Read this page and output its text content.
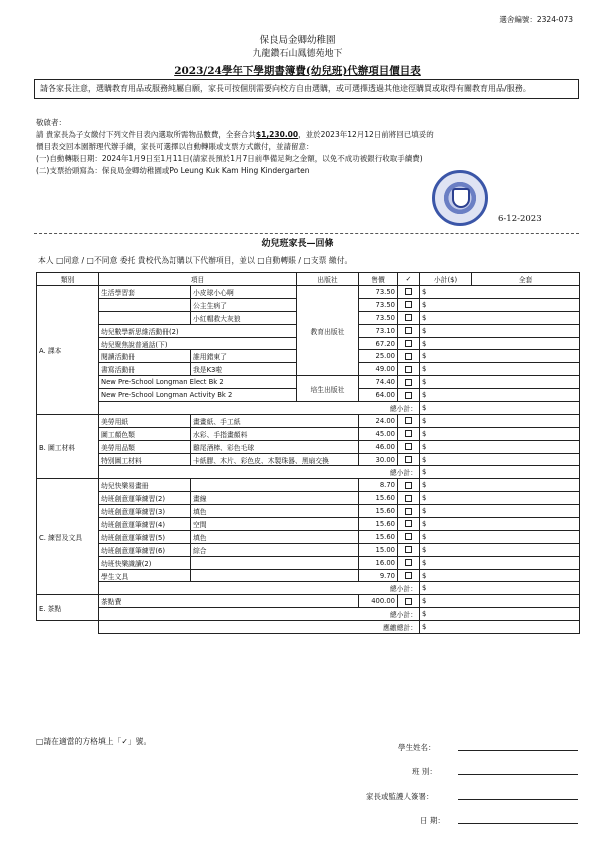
選舍編號：2324-073
保良局金卿幼稚園
九龍鑽石山鳳德苑地下
2023/24學年下學期書簿費(幼兒班)代辦項目價目表
請各家長注意，選購教育用品或服務純屬自願，家長可按個別需要向校方自由選購，或可選擇透過其他途徑購買或取得有關教育用品/服務。
敬啟者：
請 貴家長為子女繳付下列文件目表內選取所需物品數費，全套合共$1,230.00，並於2023年12月12日前將回已填妥的
價目表交回本園辦理代辦手續，家長可選擇以自動轉賬或支票方式繳付，並請留意：
(一)自動轉賬日期：2024年1月9日至1月11日(請家長預於1月7日前準備足夠之金額，以免不成功被銀行收取手續費)
(二)支票抬頭寫為：保良局金卿幼稚園或Po Leung Kuk Kam Hing Kindergarten
6-12-2023
幼兒班家長—回條
本人 □同意 / □不同意 委托 貴校代為訂購以下代辦項目，並以 □自動轉賬 / □支票 繳付。
類別	項目		出版社	售價	✓	小計($)	全套	
A. 課本	生活學習套	小皮球小心啊	教育出版社	73.50		$	
		公主生病了		73.50		$		
		小紅帽救大灰狼		73.50		$		
	幼兒數學新思維活動冊(2)			73.10		$		
	幼兒聚焦說普通話(下)			67.20		$		
	閱讀活動冊	誰用錯東了		25.00		$		
	書寫活動冊	我是K3啦		49.00		$		
	New Pre-School Longman Elect Bk 2		培生出版社	74.40		$		
	New Pre-School Longman Activity Bk 2			64.00		$		
	總小計：					$		
B. 圖工材料	美勞用紙	畫畫紙、手工紙		24.00		$	
	圖工顏色類	水彩、手指畫顏料		45.00		$		
	美勞用品類	雞尾酒棒、彩色毛球		46.00		$		
	特別圖工材料	卡紙膠、木片、彩色皮、木製珠器、黑扇交換		30.00		$		
	總小計：					$		
C. 練習及文具	幼兒快樂易畫冊			8.70		$	
	幼班創意運筆練習(2)	畫線		15.60		$		
	幼班創意運筆練習(3)	填色		15.60		$		
	幼班創意運筆練習(4)	空間		15.60		$		
	幼班創意運筆練習(5)	填色		15.60		$		
	幼班創意運筆練習(6)	綜合		15.00		$		
	幼班快樂識讀(2)			16.00		$		
	學生文具			9.70		$		
	總小計：					$		
E. 茶點	茶點費			400.00		$	
	總小計：					$		
	應繳總計：					$		
□請在適當的方格填上「✓」號。
學生姓名：
班 別：
家長或監護人簽署：
日 期：
